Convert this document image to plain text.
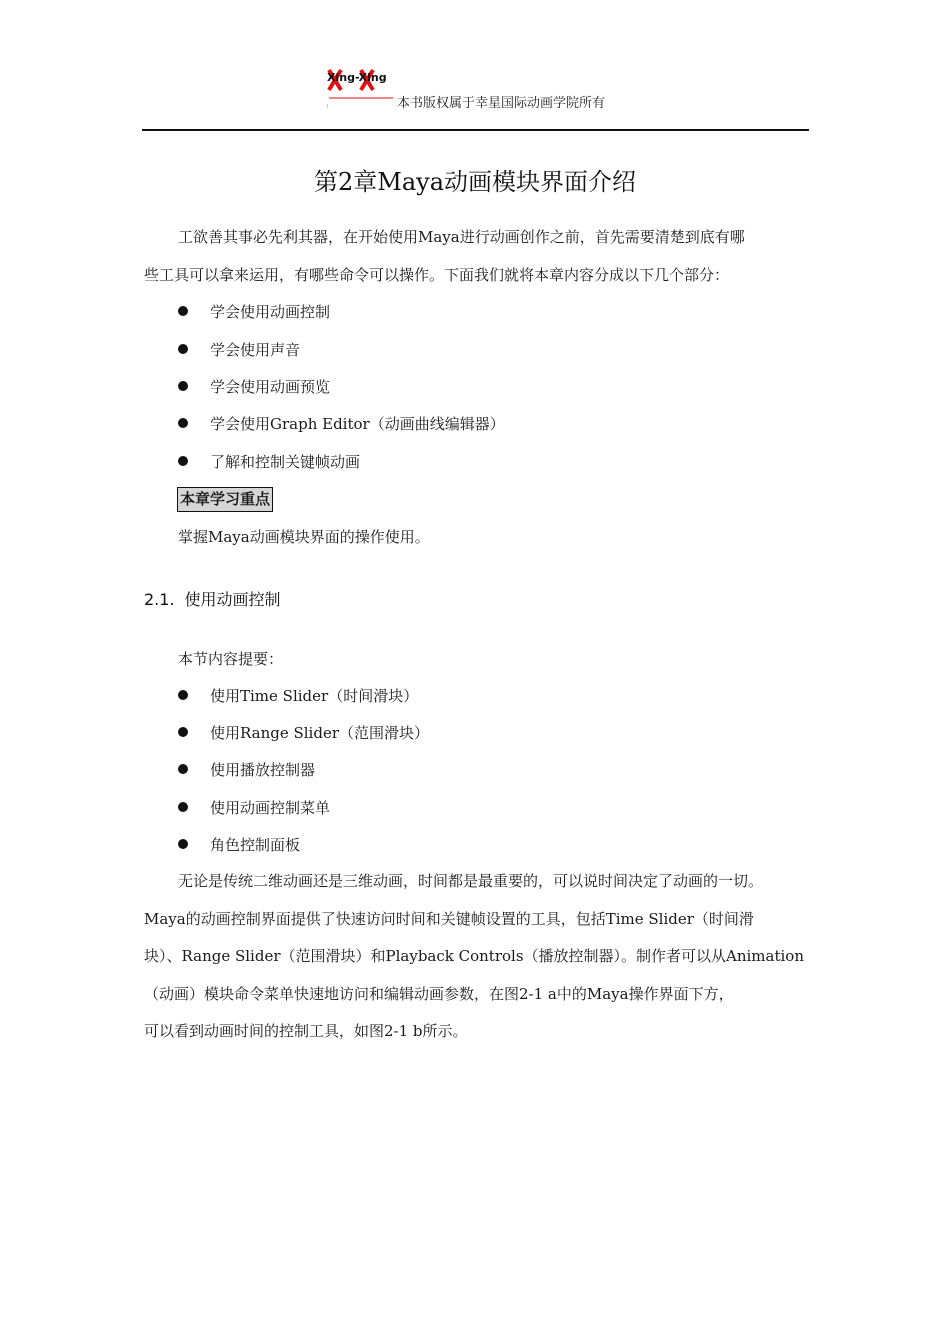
Xing-Xing
本书版权属于幸星国际动画学院所有
第2章Maya动画模块界面介绍
工欲善其事必先利其器，在开始使用Maya进行动画创作之前，首先需要清楚到底有哪
些工具可以拿来运用，有哪些命令可以操作。下面我们就将本章内容分成以下几个部分：
学会使用动画控制
学会使用声音
学会使用动画预览
学会使用Graph Editor（动画曲线编辑器）
了解和控制关键帧动画
本章学习重点
掌握Maya动画模块界面的操作使用。
2.1. 使用动画控制
本节内容提要：
使用Time Slider（时间滑块）
使用Range Slider（范围滑块）
使用播放控制器
使用动画控制菜单
角色控制面板
无论是传统二维动画还是三维动画，时间都是最重要的，可以说时间决定了动画的一切。
Maya的动画控制界面提供了快速访问时间和关键帧设置的工具，包括Time Slider（时间滑
块）、Range Slider（范围滑块）和Playback Controls（播放控制器）。制作者可以从Animation
（动画）模块命令菜单快速地访问和编辑动画参数，在图2-1 a中的Maya操作界面下方，
可以看到动画时间的控制工具，如图2-1 b所示。
